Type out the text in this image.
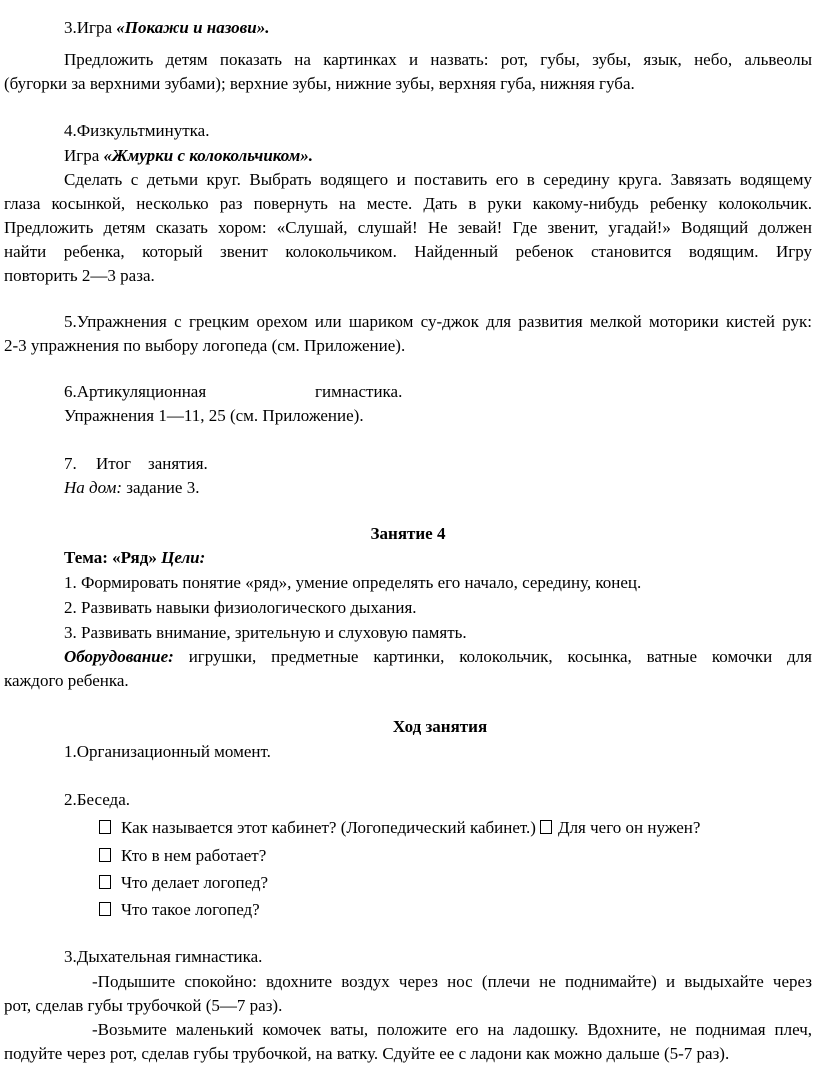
3.Игра «Покажи и назови».
Предложить детям показать на картинках и назвать: рот, губы, зубы, язык, небо, альвеолы
(бугорки за верхними зубами); верхние зубы, нижние зубы, верхняя губа, нижняя губа.
4.Физкультминутка.
Игра «Жмурки с колокольчиком».
Сделать с детьми круг. Выбрать водящего и поставить его в середину круга. Завязать водящему
глаза косынкой, несколько раз повернуть на месте. Дать в руки какому-нибудь ребенку колокольчик.
Предложить детям сказать хором: «Слушай, слушай! Не зевай! Где звенит, угадай!» Водящий должен
найти ребенка, который звенит колокольчиком. Найденный ребенок становится водящим. Игру
повторить 2—3 раза.
5.Упражнения с грецким орехом или шариком су-джок для развития мелкой моторики кистей рук:
2-3 упражнения по выбору логопеда (см. Приложение).
6.Артикуляционная	гимнастика.
Упражнения 1—11, 25 (см. Приложение).
7. Итог занятия.
На дом: задание 3.
Занятие 4
Тема: «Ряд» Цели:
1. Формировать понятие «ряд», умение определять его начало, середину, конец.
2. Развивать навыки физиологического дыхания.
3. Развивать внимание, зрительную и слуховую память.
Оборудование: игрушки, предметные картинки, колокольчик, косынка, ватные комочки для
каждого ребенка.
Ход занятия
1.Организационный момент.
2.Беседа.
Как называется этот кабинет? (Логопедический кабинет.) Для чего он нужен?
Кто в нем работает?
Что делает логопед?
Что такое логопед?
3.Дыхательная гимнастика.
-Подышите спокойно: вдохните воздух через нос (плечи не поднимайте) и выдыхайте через
рот, сделав губы трубочкой (5—7 раз).
-Возьмите маленький комочек ваты, положите его на ладошку. Вдохните, не поднимая плеч,
подуйте через рот, сделав губы трубочкой, на ватку. Сдуйте ее с ладони как можно дальше (5-7 раз).
